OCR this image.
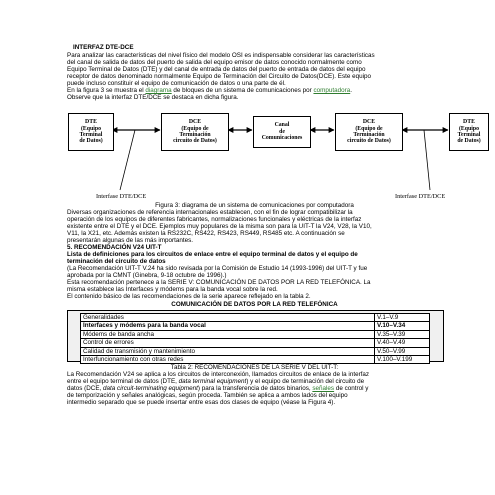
INTERFAZ DTE-DCE
Para analizar las características del nivel físico del modelo OSI es indispensable considerar las características
del canal de salida de datos del puerto de salida del equipo emisor de datos conocido normalmente como
Equipo Terminal de Datos (DTE) y del canal de entrada de datos del puerto de entrada de datos del equipo
receptor de datos denominado normalmente Equipo de Terminación del Circuito de Datos(DCE). Este equipo
puede incluso constituir el equipo de comunicación de datos o una parte de él.
En la figura 3 se muestra el diagrama de bloques de un sistema de comunicaciones por computadora.
Observe que la interfaz DTE/DCE se destaca en dicha figura.
DTE
(Equipo
Terminal
de Datos)
DCE
(Equipo de
Terminación
circuito de Datos)
Canal
de
Comunicaciones
DCE
(Equipo de
Terminación
circuito de Datos)
DTE
(Equipo
Terminal
de Datos)
Interfase DTE/DCE	Interfase DTE/DCE
Figura 3: diagrama de un sistema de comunicaciones por computadora
Diversas organizaciones de referencia internacionales establecen, con el fin de lograr compatibilizar la
operación de los equipos de diferentes fabricantes, normalizaciones funcionales y eléctricas de la interfaz
existente entre el DTE y el DCE. Ejemplos muy populares de la misma son para la UIT-T la V24, V28, la V10,
V11, la X21, etc. Además existen la RS232C, RS422, RS423, RS449, RS485 etc. A continuación se
presentarán algunas de las más importantes.
5. RECOMENDACIÓN V24 UIT-T
Lista de definiciones para los circuitos de enlace entre el equipo terminal de datos y el equipo de
terminación del circuito de datos
(La Recomendación UIT-T V.24 ha sido revisada por la Comisión de Estudio 14 (1993-1996) del UIT-T y fue
aprobada por la CMNT (Ginebra, 9-18 octubre de 1996).)
Esta recomendación pertenece a la SERIE V: COMUNICACIÓN DE DATOS POR LA RED TELEFÓNICA. La
misma establece las Interfaces y módems para la banda vocal sobre la red.
El contenido básico de las recomendaciones de la serie aparece reflejado en la tabla 2.
COMUNICACIÓN DE DATOS POR LA RED TELEFÓNICA
Generalidades	V.1–V.9
Interfaces y módems para la banda vocal	V.10–V.34
Módems de banda ancha	V.35–V.39
Control de errores	V.40–V.49
Calidad de transmisión y mantenimiento	V.50–V.99
Interfuncionamiento con otras redes	V.100–V.199
Tabla 2: RECOMENDACIONES DE LA SERIE V DEL UIT-T:
La Recomendación V24 se aplica a los circuitos de interconexión, llamados circuitos de enlace de la interfaz
entre el equipo terminal de datos (DTE, data terminal equipment) y el equipo de terminación del circuito de
datos (DCE, data circuit-terminating equipment) para la transferencia de datos binarios, señales de control y
de temporización y señales analógicas, según proceda. También se aplica a ambos lados del equipo
intermedio separado que se puede insertar entre esas dos clases de equipo (véase la Figura 4).
